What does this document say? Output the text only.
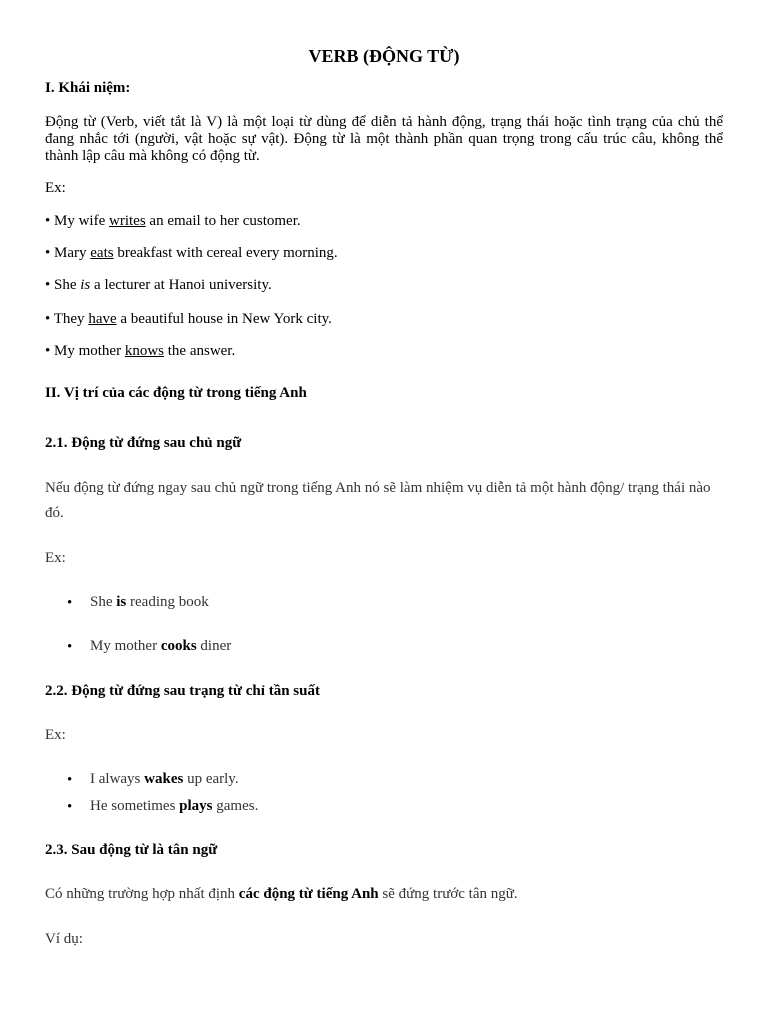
VERB (ĐỘNG TỪ)
I. Khái niệm:
Động từ (Verb, viết tắt là V) là một loại từ dùng để diễn tả hành động, trạng thái hoặc tình trạng của chủ thể đang nhắc tới (người, vật hoặc sự vật). Động từ là một thành phần quan trọng trong cấu trúc câu, không thể thành lập câu mà không có động từ.
Ex:
• My wife writes an email to her customer.
• Mary eats breakfast with cereal every morning.
• She is a lecturer at Hanoi university.
• They have a beautiful house in New York city.
• My mother knows the answer.
II. Vị trí của các động từ trong tiếng Anh
2.1. Động từ đứng sau chủ ngữ
Nếu động từ đứng ngay sau chủ ngữ trong tiếng Anh nó sẽ làm nhiệm vụ diễn tả một hành động/ trạng thái nào
đó.
Ex:
• She is reading book
• My mother cooks diner
2.2. Động từ đứng sau trạng từ chỉ tần suất
Ex:
• I always wakes up early.
• He sometimes plays games.
2.3. Sau động từ là tân ngữ
Có những trường hợp nhất định các động từ tiếng Anh sẽ đứng trước tân ngữ.
Ví dụ:
